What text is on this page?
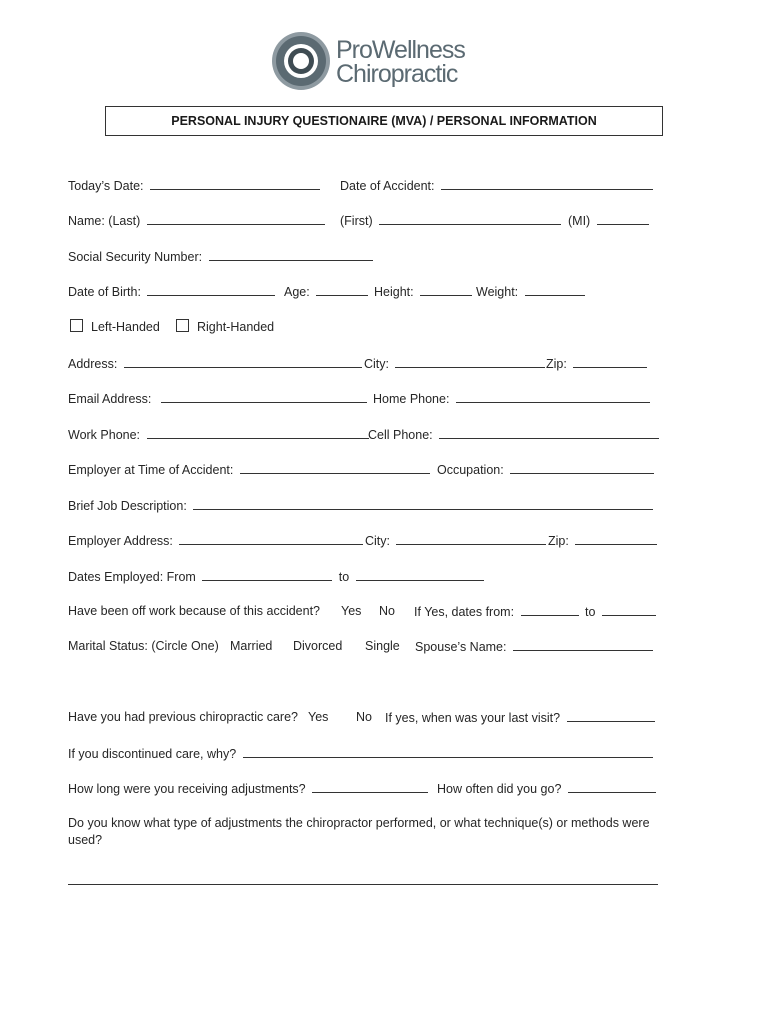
ProWellness
Chiropractic
PERSONAL INJURY QUESTIONAIRE (MVA) / PERSONAL INFORMATION
Today’s Date:	Date of Accident:
Name: (Last)	(First)	(MI)
Social Security Number:
Date of Birth:	Age:	Height:	Weight:
Left-Handed	Right-Handed
Address:	City:	Zip:
Email Address:	Home Phone:
Work Phone:	Cell Phone:
Employer at Time of Accident:	Occupation:
Brief Job Description:
Employer Address:	City:	Zip:
Dates Employed: From	to
Have been off work because of this accident? Yes No If Yes, dates from:	to
Marital Status: (Circle One) Married Divorced Single Spouse’s Name:
Have you had previous chiropractic care? Yes No If yes, when was your last visit?
If you discontinued care, why?
How long were you receiving adjustments?	How often did you go?
Do you know what type of adjustments the chiropractor performed, or what technique(s) or methods were used?
